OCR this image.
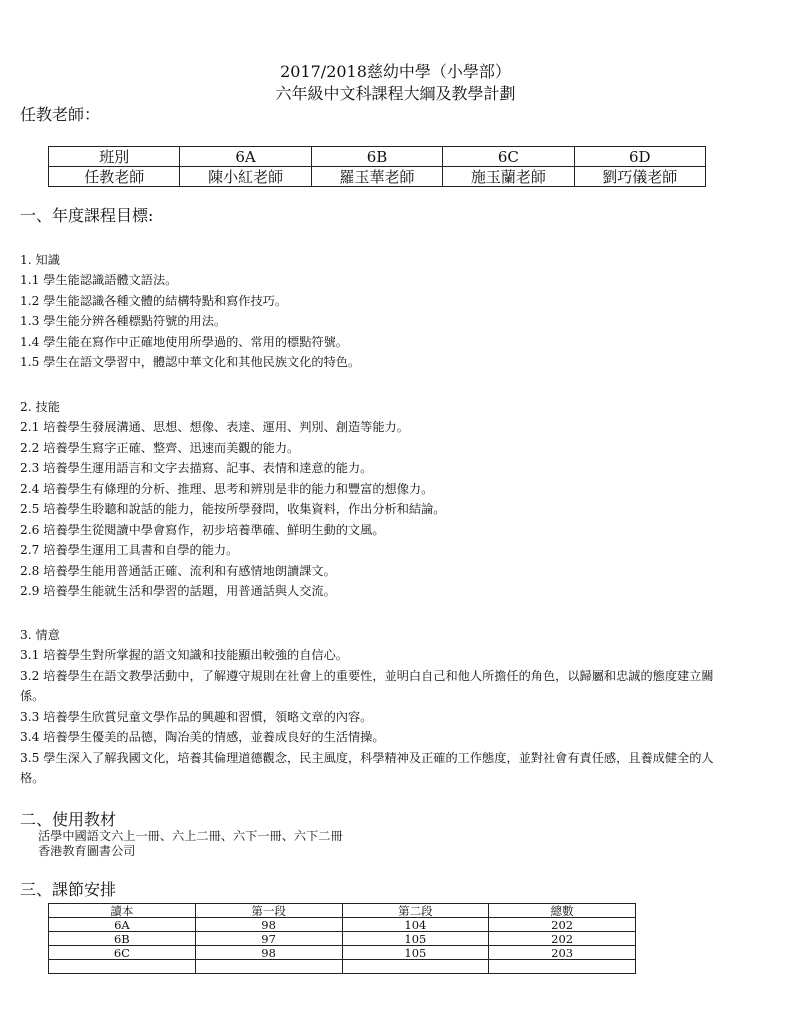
2017/2018慈幼中學（小學部）
六年級中文科課程大綱及教學計劃
任教老師：
班別	6A	6B	6C	6D
任教老師	陳小紅老師	羅玉華老師	施玉蘭老師	劉巧儀老師
一、年度課程目標:
1. 知識
1.1 學生能認識語體文語法。
1.2 學生能認識各種文體的結構特點和寫作技巧。
1.3 學生能分辨各種標點符號的用法。
1.4 學生能在寫作中正確地使用所學過的、常用的標點符號。
1.5 學生在語文學習中，體認中華文化和其他民族文化的特色。
2. 技能
2.1 培養學生發展溝通、思想、想像、表達、運用、判別、創造等能力。
2.2 培養學生寫字正確、整齊、迅速而美觀的能力。
2.3 培養學生運用語言和文字去描寫、記事、表情和達意的能力。
2.4 培養學生有條理的分析、推理、思考和辨別是非的能力和豐富的想像力。
2.5 培養學生聆聽和說話的能力，能按所學發問，收集資料，作出分析和結論。
2.6 培養學生從閱讀中學會寫作，初步培養準確、鮮明生動的文風。
2.7 培養學生運用工具書和自學的能力。
2.8 培養學生能用普通話正確、流利和有感情地朗讀課文。
2.9 培養學生能就生活和學習的話題，用普通話與人交流。
3. 情意
3.1 培養學生對所掌握的語文知識和技能顯出較強的自信心。
3.2 培養學生在語文教學活動中，了解遵守規則在社會上的重要性，並明白自己和他人所擔任的角色，以歸屬和忠誠的態度建立關係。
3.3 培養學生欣賞兒童文學作品的興趣和習慣，領略文章的內容。
3.4 培養學生優美的品德，陶冶美的情感，並養成良好的生活情操。
3.5 學生深入了解我國文化，培養其倫理道德觀念，民主風度，科學精神及正確的工作態度，並對社會有責任感，且養成健全的人格。
二、使用教材
活學中國語文六上一冊、六上二冊、六下一冊、六下二冊
香港教育圖書公司
三、課節安排
讀本	第一段	第二段	總數
6A	98	104	202
6B	97	105	202
6C	98	105	203
